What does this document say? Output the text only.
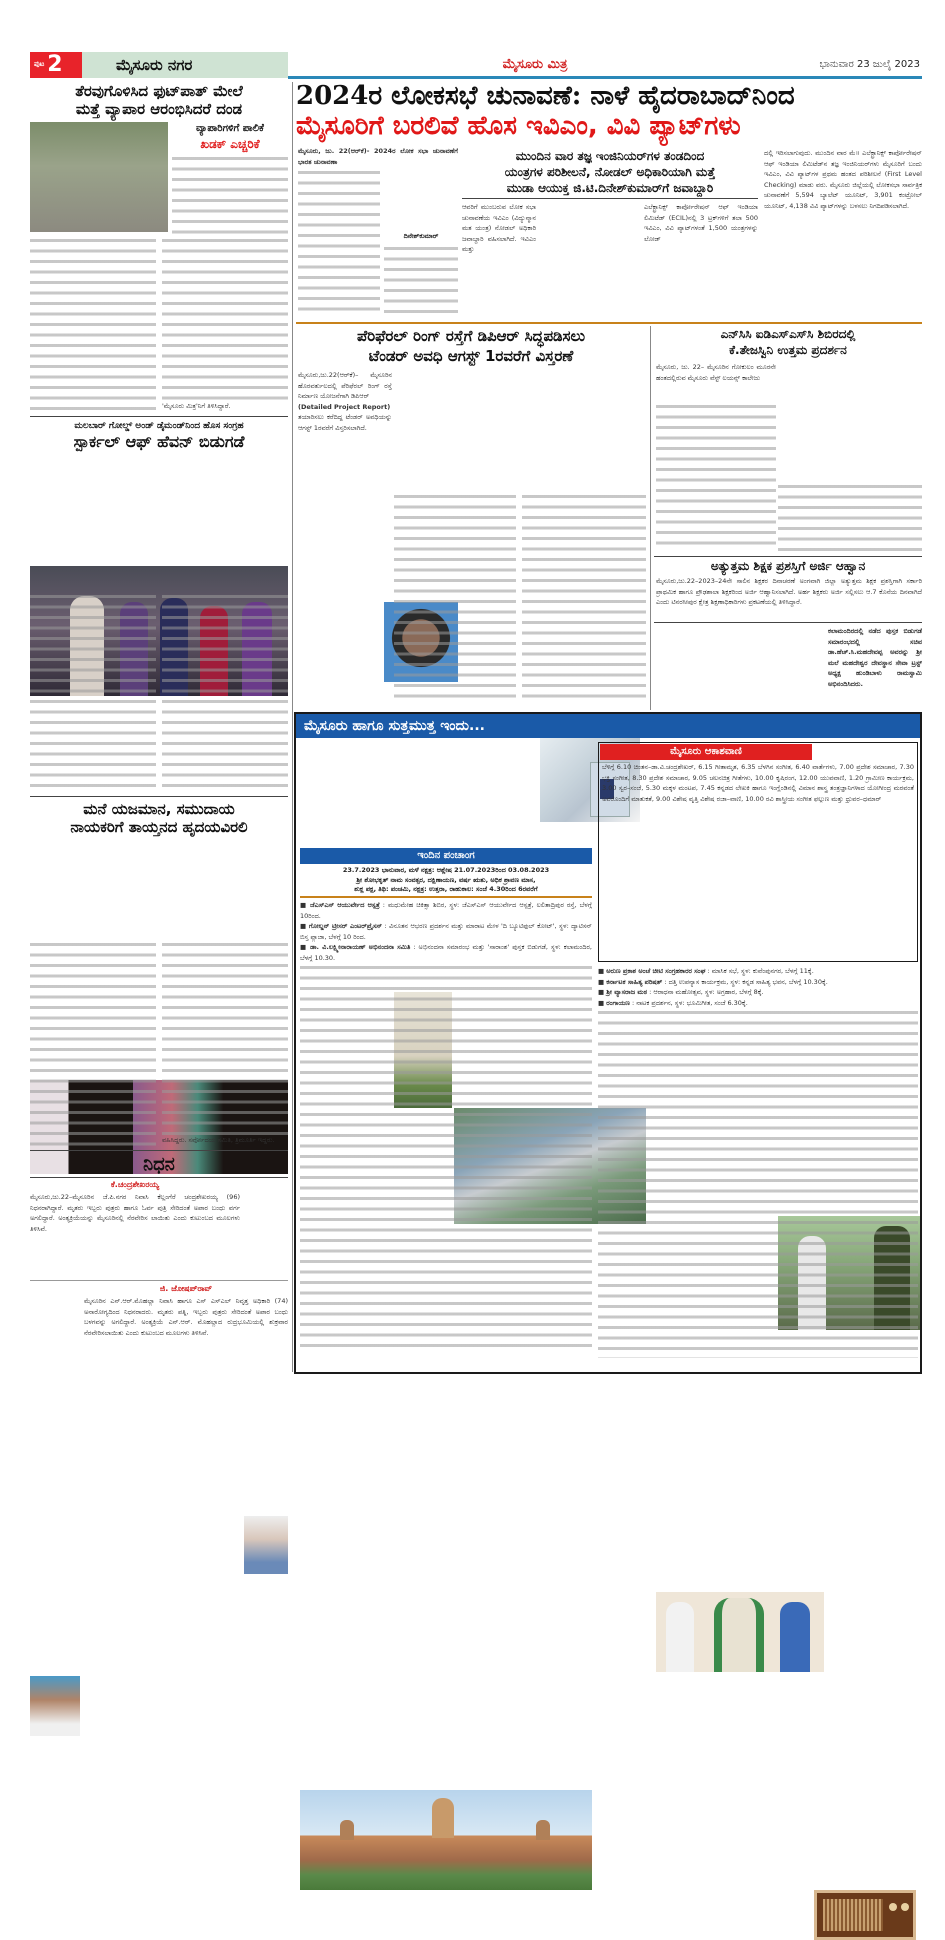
ಪುಟ 2	ಮೈಸೂರು ನಗರ	ಮೈಸೂರು ಮಿತ್ರ	ಭಾನುವಾರ 23 ಜುಲೈ 2023
ತೆರವುಗೊಳಿಸಿದ ಫುಟ್‌ಪಾತ್ ಮೇಲೆ
ಮತ್ತೆ ವ್ಯಾಪಾರ ಆರಂಭಿಸಿದರೆ ದಂಡ
ವ್ಯಾಪಾರಿಗಳಿಗೆ ಪಾಲಿಕೆ
ಖಡಕ್ ಎಚ್ಚರಿಕೆ
'ಮೈಸೂರು ಮಿತ್ರ'ನಿಗೆ ತಿಳಿಸಿದ್ದಾರೆ.
ಮಲಬಾರ್ ಗೋಲ್ಡ್ ಅಂಡ್ ಡೈಮಂಡ್‌ನಿಂದ ಹೊಸ ಸಂಗ್ರಹ
ಸ್ಪಾರ್ಕಲ್ ಆಫ್ ಹೆವನ್ ಬಿಡುಗಡೆ
ಮನೆ ಯಜಮಾನ, ಸಮುದಾಯ
ನಾಯಕರಿಗೆ ತಾಯ್ತನದ ಹೃದಯವಿರಲಿ
ವಹಿಸಿದ್ದರು. ಸರ್ವೋದಯ ಸಮಿತಿ, ತ್ರಿಮೂರ್ತಿ ಇದ್ದರು.
ನಿಧನ
ಕೆ.ಚಂದ್ರಶೇಖರಯ್ಯ
ಮೈಸೂರು,ಜು.22–ಮೈಸೂರಿನ ಜೆ.ಪಿ.ನಗರ ನಿವಾಸಿ ಕೆಲ್ಲಂಗೆರೆ ಚಂದ್ರಶೇಖರಯ್ಯ (96) ನಿಧನರಾಗಿದ್ದಾರೆ. ಮೃತರು ಇಬ್ಬರು ಪುತ್ರರು ಹಾಗೂ ಓರ್ವ ಪುತ್ರಿ ಸೇರಿದಂತೆ ಅಪಾರ ಬಂಧು ವರ್ಗ ಅಗಲಿದ್ದಾರೆ. ಅಂತ್ಯಕ್ರಿಯೆಯನ್ನು ಮೈಸೂರಿನಲ್ಲಿ ನೆರವೇರಿಸ ಲಾಯಿತು ಎಂದು ಕುಟುಂಬದ ಮೂಲಗಳು ತಿಳಿಸಿವೆ.
ಜಿ. ಜೋಷಪ್‌ರಾವ್
ಮೈಸೂರಿನ ಎನ್.ಆರ್.ಮೊಹಲ್ಲಾ ನಿವಾಸಿ ಹಾಗೂ ಎಸ್ ಎಸ್‌ಎಲ್ ನಿವೃತ್ತ ಅಧಿಕಾರಿ (74) ಅನಾರೋಗ್ಯದಿಂದ ನಿಧನರಾದರು. ಮೃತರು ಪತ್ನಿ, ಇಬ್ಬರು ಪುತ್ರರು ಸೇರಿದಂತೆ ಅಪಾರ ಬಂಧು ಬಳಗವನ್ನು ಅಗಲಿದ್ದಾರೆ. ಅಂತ್ಯಕ್ರಿಯೆ ಎನ್.ಆರ್. ಮೊಹಲ್ಲಾದ ರುದ್ರಭೂಮಿಯಲ್ಲಿ ಶುಕ್ರವಾರ ನೆರವೇರಿಸಲಾಯಿತು ಎಂದು ಕುಟುಂಬದ ಮೂಲಗಳು ತಿಳಿಸಿವೆ.
2024ರ ಲೋಕಸಭೆ ಚುನಾವಣೆ: ನಾಳೆ ಹೈದರಾಬಾದ್‌ನಿಂದ
ಮೈಸೂರಿಗೆ ಬರಲಿವೆ ಹೊಸ ಇವಿಎಂ, ವಿವಿ ಪ್ಯಾಟ್‌ಗಳು
ಮೈಸೂರು, ಜು. 22(ಆರ್‌ಕೆ)- 2024ರ ಲೋಕ ಸಭಾ ಚುನಾವಣೆಗೆ ಭಾರತ ಚುನಾವಣಾ
ದಿನೇಶ್‌ಕುಮಾರ್
ಮುಂದಿನ ವಾರ ತಜ್ಞ ಇಂಜಿನಿಯರ್‌ಗಳ ತಂಡದಿಂದ
ಯಂತ್ರಗಳ ಪರಿಶೀಲನೆ, ನೋಡಲ್ ಅಧಿಕಾರಿಯಾಗಿ ಮತ್ತೆ
ಮುಡಾ ಆಯುಕ್ತ ಜಿ.ಟಿ.ದಿನೇಶ್‌ಕುಮಾರ್‌ಗೆ ಜವಾಬ್ದಾರಿ
ಆವರಿಗೆ ಮುಂಬರುವ ಲೋಕ ಸಭಾ ಚುನಾವಣೆಯ ಇವಿಎಂ (ವಿದ್ಯುನ್ಮಾನ ಮತ ಯಂತ್ರ) ನೋಡಲ್ ಅಧಿಕಾರಿ ಜವಾಬ್ದಾರಿ ವಹಿಸಲಾಗಿದೆ. ಇವಿಎಂ ಮತ್ತು
ಎಲೆಕ್ಟ್ರಾನಿಕ್ಸ್ ಕಾರ್ಪೋರೇಷನ್ ಆಫ್ ಇಂಡಿಯಾ ಲಿಮಿಟೆಡ್ (ECIL)ನಲ್ಲಿ 3 ಟ್ರಕ್‌ಗಳಿಗೆ ತಲಾ 500 ಇವಿಎಂ, ವಿವಿ ಪ್ಯಾಟ್‌ಗಳಂತೆ 1,500 ಯಂತ್ರಗಳನ್ನು ಲೋಡ್
ದಲ್ಲಿ ಇರಿಸಲಾಗುವುದು. ಮುಂದಿನ ವಾರ ಮೆ॥ ಎಲೆಕ್ಟ್ರಾನಿಕ್ಸ್ ಕಾರ್ಪೋರೇಷನ್ ಆಫ್ ಇಂಡಿಯಾ ಲಿಮಿಟೆಡ್‌ನ ತಜ್ಞ ಇಂಜಿನಿಯರ್‌ಗಳು ಮೈಸೂರಿಗೆ ಬಂದು ಇವಿಎಂ, ವಿವಿ ಪ್ಯಾಟ್‌ಗಳ ಪ್ರಥಮ ಹಂತದ ಪರಿಶೀಲನೆ (First Level Checking) ಮಾಡು ವರು. ಮೈಸೂರು ಜಿಲ್ಲೆಯಲ್ಲಿ ಲೋಕಸಭಾ ಸಾರ್ವತ್ರಿಕ ಚುನಾವಣೆಗೆ 5,594 ಬ್ಯಾಲೆಟ್ ಯೂನಿಟ್, 3,901 ಕಂಟ್ರೋಲ್ ಯೂನಿಟ್, 4,138 ವಿವಿ ಪ್ಯಾಟ್‌ಗಳನ್ನು ಬಳಸಲು ನಿಗದಿಪಡಿಸಲಾಗಿದೆ.
ಪೆರಿಫೆರಲ್ ರಿಂಗ್ ರಸ್ತೆಗೆ ಡಿಪಿಆರ್ ಸಿದ್ಧಪಡಿಸಲು
ಟೆಂಡರ್ ಅವಧಿ ಆಗಸ್ಟ್ 1ರವರೆಗೆ ವಿಸ್ತರಣೆ
ಮೈಸೂರು,ಜು.22(ಆರ್‌ಕೆ)– ಮೈಸೂರಿನ ಹೊರವರ್ತುಲದಲ್ಲಿ ಪೆರಿಫೆರಲ್ ರಿಂಗ್ ರಸ್ತೆ ನಿರ್ಮಾಣ ಯೋಜನೆಗಾಗಿ ಡಿಪಿಆರ್
(Detailed Project Report)
ತಯಾರಿಸಲು ಕರೆದಿದ್ದ ಟೆಂಡರ್ ಅವಧಿಯನ್ನು ಆಗಸ್ಟ್ 1ರವರೆಗೆ ವಿಸ್ತರಿಸಲಾಗಿದೆ.
ಎನ್‌ಸಿಸಿ ಐಡಿಎಸ್‌ಎಸ್‌ಸಿ ಶಿಬಿರದಲ್ಲಿ
ಕೆ.ತೇಜಸ್ವಿನಿ ಉತ್ತಮ ಪ್ರದರ್ಶನ
ಮೈಸೂರು, ಜು. 22– ಮೈಸೂರಿನ ಗೋಕುಲಂ ಮೂರನೇ ಹಂತದಲ್ಲಿರುವ ಮೈಸೂರು ವೆಸ್ಟ್ ಲಯನ್ಸ್ ಕಾಲೇಜು
ಅತ್ಯುತ್ತಮ ಶಿಕ್ಷಕ ಪ್ರಶಸ್ತಿಗೆ ಅರ್ಜಿ ಆಹ್ವಾನ
ಮೈಸೂರು,ಜು.22–2023–24ನೇ ಸಾಲಿನ ಶಿಕ್ಷಕರ ದಿನಾಚರಣೆ ಅಂಗವಾಗಿ ಜಿಲ್ಲಾ ಅತ್ಯುತ್ತಮ ಶಿಕ್ಷಕ ಪ್ರಶಸ್ತಿಗಾಗಿ ಸರ್ಕಾರಿ ಪ್ರಾಥಮಿಕ ಹಾಗೂ ಪ್ರೌಢಶಾಲಾ ಶಿಕ್ಷಕರಿಂದ ಅರ್ಜಿ ಆಹ್ವಾನಿಸಲಾಗಿದೆ. ಅರ್ಹ ಶಿಕ್ಷಕರು ಅರ್ಜಿ ಸಲ್ಲಿಸಲು ಆ.7 ಕೊನೆಯ ದಿನವಾಗಿದೆ ಎಂದು ಟಿನರಸೀಪುರ ಕ್ಷೇತ್ರ ಶಿಕ್ಷಣಾಧಿಕಾರಿಗಳು ಪ್ರಕಟಣೆಯಲ್ಲಿ ತಿಳಿಸಿದ್ದಾರೆ.
ಕಲಾಮಂದಿರದಲ್ಲಿ ನಡೆದ ಪುಸ್ತಕ ಬಿಡುಗಡೆ ಸಮಾರಂಭದಲ್ಲಿ ಸಚಿವ ಡಾ.ಹೆಚ್.ಸಿ.ಮಹದೇವಪ್ಪ ಅವರನ್ನು ಶ್ರೀ ಮಲೆ ಮಹದೇಶ್ವರ ದೇವಸ್ಥಾನ ಸೇವಾ ಟ್ರಸ್ಟ್ ಅಧ್ಯಕ್ಷ ಹುಂಡಿಬಾಳು ರಾಮಸ್ವಾಮಿ ಅಭಿನಂದಿಸಿದರು.
ಮೈಸೂರು ಹಾಗೂ ಸುತ್ತಮುತ್ತ ಇಂದು...
ಇಂದಿನ ಪಂಚಾಂಗ
23.7.2023 ಭಾನುವಾರ, ಮಳೆ ನಕ್ಷತ್ರ: ಆಶ್ಲೇಷ 21.07.2023ರಿಂದ 03.08.2023
ಶ್ರೀ ಶೋಭಕೃತ್ ನಾಮ ಸಂವತ್ಸರ, ದಕ್ಷಿಣಾಯಣ, ವರ್ಷ ಋತು, ಅಧಿಕ ಶ್ರಾವಣ ಮಾಸ,
ಶುಕ್ಲ ಪಕ್ಷ, ತಿಥಿ: ಪಂಚಮಿ, ನಕ್ಷತ್ರ: ಉತ್ತರಾ, ರಾಹುಕಾಲ: ಸಂಜೆ 4.30ರಿಂದ 6ರವರೆಗೆ
■ ಜೆಎಸ್‌ಎಸ್ ಆಯುರ್ವೇದ ಆಸ್ಪತ್ರೆ : ಮಧುಮೇಹ ಚಿಕಿತ್ಸಾ ಶಿಬಿರ, ಸ್ಥಳ: ಜೆಎಸ್‌ಎಸ್ ಆಯುರ್ವೇದ ಆಸ್ಪತ್ರೆ, ಲಲಿತಾದ್ರಿಪುರ ರಸ್ತೆ, ಬೆಳಗ್ಗೆ 10ರಿಂದ.
■ ಗೋಲ್ಡನ್ ಟ್ರೀಸರ್ ಎಂಟರ್‌ಪ್ರೈಸಸ್ : ವಿನೂತನ ಆಭರಣ ಪ್ರದರ್ಶನ ಮತ್ತು ಮಾರಾಟ ಮೇಳ 'ದಿ ಬ್ಯೂಟಿಫುಲ್ ಕೋಟ್', ಸ್ಥಳ: ದ್ಯಾಟಿಸನ್ ಬಿಸ್ತ ಪ್ಲಾಜಾ, ಬೆಳಗ್ಗೆ 10 ರಿಂದ.
■ ಡಾ. ವಿ.ಲಕ್ಷ್ಮೀನಾರಾಯಣ್ ಅಭಿನಂದನಾ ಸಮಿತಿ : ಅಭಿನಂದನಾ ಸಮಾರಂಭ ಮತ್ತು 'ಸಾರಾಂಶ' ಪುಸ್ತಕ ಬಿಡುಗಡೆ, ಸ್ಥಳ: ಕಲಾಮಂದಿರ, ಬೆಳಗ್ಗೆ 10.30.
ಮೈಸೂರು ಆಕಾಶವಾಣಿ
ಬೆಳಿಗ್ಗೆ 6.10 ಚಿಂತನ–ಡಾ.ವಿ.ಚಂದ್ರಶೇಖರ್, 6.15 ಗೀತಾಮೃತ, 6.35 ಬೆಳಗಿನ ಸಂಗೀತ, 6.40 ವಾರ್ತೆಗಳು, 7.00 ಪ್ರದೇಶ ಸಮಾಚಾರ, 7.30 ಭಕ್ತಿ ಸಂಗೀತ, 8.30 ಪ್ರದೇಶ ಸಮಾಚಾರ, 9.05 ಚಲನಚಿತ್ರ ಗೀತೆಗಳು, 10.00 ಕೃಷಿರಂಗ, 12.00 ಯುವವಾಣಿ, 1.20 ಗ್ರಾಮೀಣ ಕಾರ್ಯಕ್ರಮ, 3.00 ಸ್ವರ–ಸಂಜೆ, 5.30 ಮಕ್ಕಳ ಮಂಟಪ, 7.45 ಕನ್ನಡದ ಲೇಖಕಿ ಹಾಗೂ ಇಂಗ್ಲೆಂಡಿನಲ್ಲಿ ವಿಮಾನ ಶಾಸ್ತ್ರ ತಂತ್ರಜ್ಞಾನಿಗಳಾದ ಯೋಗೀಂದ್ರ ಮರವಂತೆ ಅವರೊಂದಿಗೆ ಮಾತುಕತೆ, 9.00 ವಿಶೇಷ ವೃತ್ತಿ ವಿಶೇಷ ರಜಾ–ವಾಣಿ, 10.00 ರವಿ ಶಾಸ್ತ್ರೀಯ ಸಂಗೀತ ಫಲ್ಗುಣ ಮತ್ತು ಧ್ರುವರ–ಧಮಾರ್
■ ಅರುಣ ಪ್ರಕಾಶ ಅಂಚೆ ಚೀಟಿ ಸಂಗ್ರಹಕಾರರ ಸಂಘ : ಮಾಸಿಕ ಸಭೆ, ಸ್ಥಳ: ಕುವೆಂಪುನಗರ, ಬೆಳಗ್ಗೆ 11ಕ್ಕೆ.
■ ಕರ್ನಾಟಕ ಸಾಹಿತ್ಯ ಪರಿಷತ್ : ದತ್ತಿ ಉಪನ್ಯಾಸ ಕಾರ್ಯಕ್ರಮ, ಸ್ಥಳ: ಕನ್ನಡ ಸಾಹಿತ್ಯ ಭವನ, ಬೆಳಗ್ಗೆ 10.30ಕ್ಕೆ.
■ ಶ್ರೀ ವ್ಯಾಸರಾಜ ಮಠ : ಆರಾಧನಾ ಮಹೋತ್ಸವ, ಸ್ಥಳ: ಅಗ್ರಹಾರ, ಬೆಳಗ್ಗೆ 8ಕ್ಕೆ.
■ ರಂಗಾಯಣ : ನಾಟಕ ಪ್ರದರ್ಶನ, ಸ್ಥಳ: ಭೂಮಿಗೀತ, ಸಂಜೆ 6.30ಕ್ಕೆ.
